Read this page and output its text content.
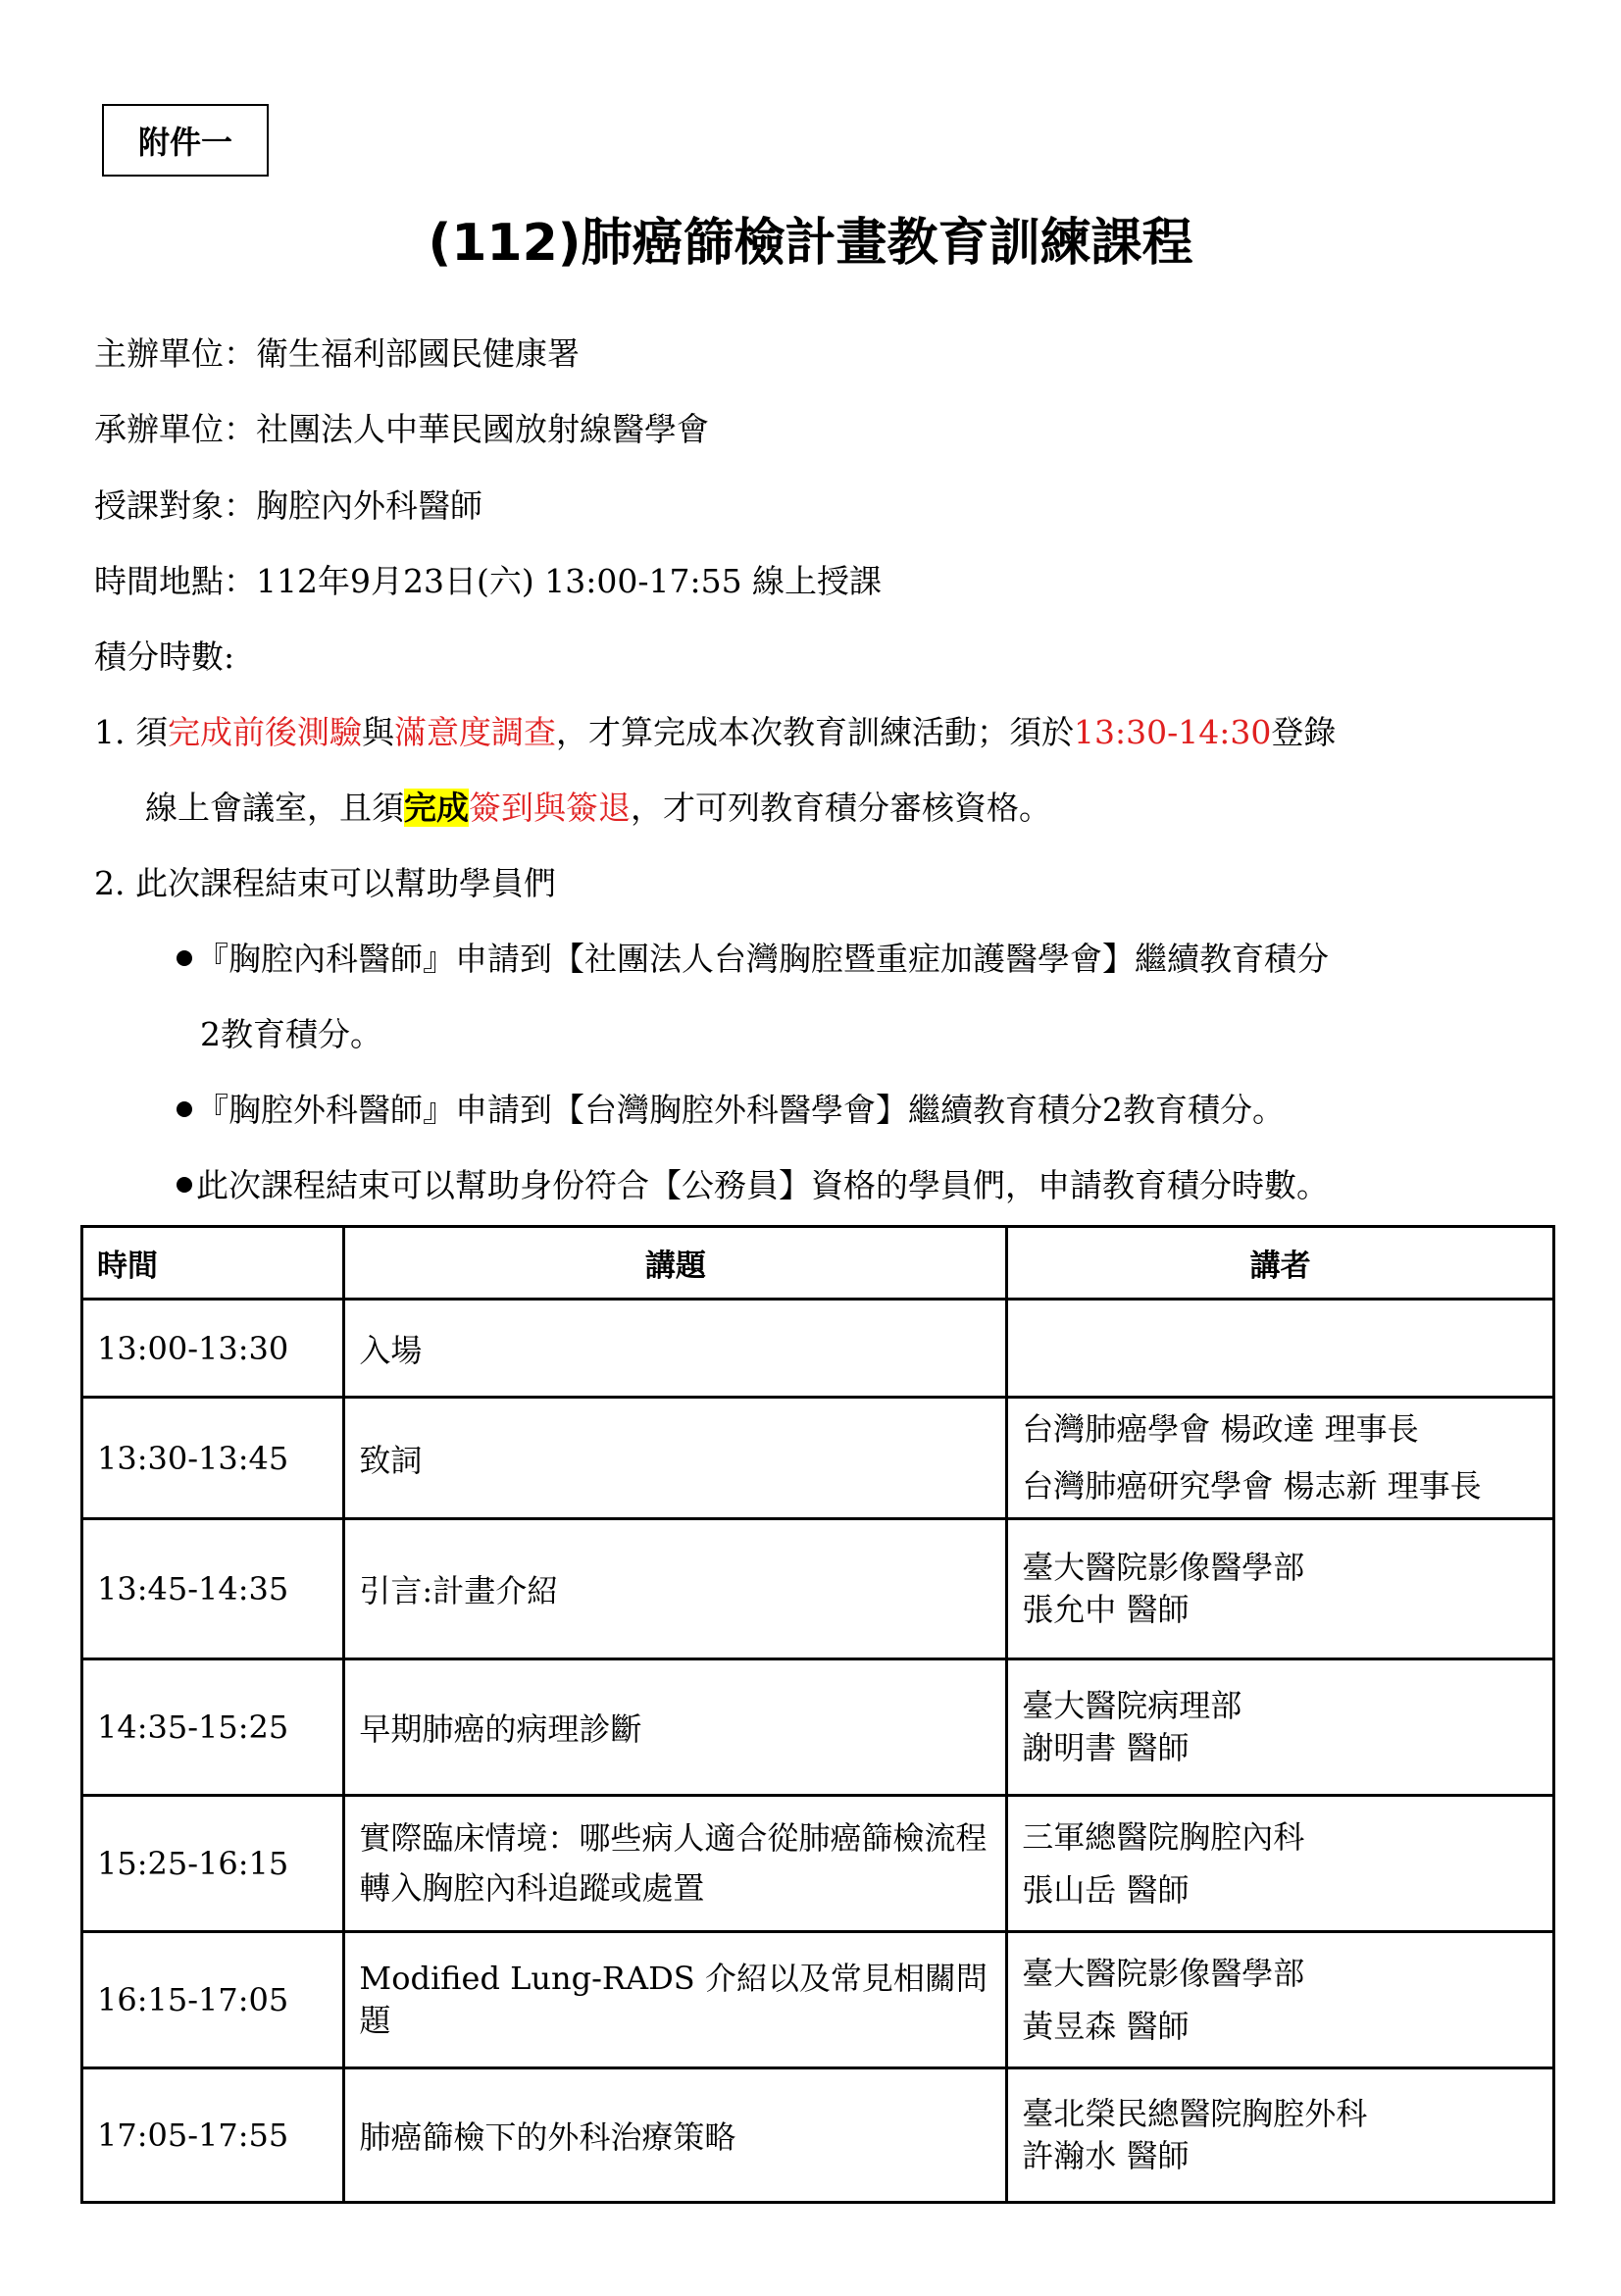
附件一
(112)肺癌篩檢計畫教育訓練課程
主辦單位：衛生福利部國民健康署
承辦單位：社團法人中華民國放射線醫學會
授課對象：胸腔內外科醫師
時間地點：112年9月23日(六) 13:00-17:55 線上授課
積分時數:
1. 須完成前後測驗與滿意度調查，才算完成本次教育訓練活動；須於13:30-14:30登錄
線上會議室，且須完成簽到與簽退，才可列教育積分審核資格。
2. 此次課程結束可以幫助學員們
『胸腔內科醫師』申請到【社團法人台灣胸腔暨重症加護醫學會】繼續教育積分
2教育積分。
『胸腔外科醫師』申請到【台灣胸腔外科醫學會】繼續教育積分2教育積分。
此次課程結束可以幫助身份符合【公務員】資格的學員們，申請教育積分時數。
時間	講題	講者
13:00-13:30	入場	
13:30-13:45	致詞	台灣肺癌學會 楊政達 理事長
台灣肺癌研究學會 楊志新 理事長

13:45-14:35	引言:計畫介紹	臺大醫院影像醫學部
張允中 醫師

14:35-15:25	早期肺癌的病理診斷	臺大醫院病理部
謝明書 醫師

15:25-16:15	實際臨床情境：哪些病人適合從肺癌篩檢流程轉入胸腔內科追蹤或處置	三軍總醫院胸腔內科
張山岳 醫師

16:15-17:05	Modified Lung-RADS 介紹以及常見相關問題	臺大醫院影像醫學部
黃昱森 醫師

17:05-17:55	肺癌篩檢下的外科治療策略	臺北榮民總醫院胸腔外科
許瀚水 醫師
